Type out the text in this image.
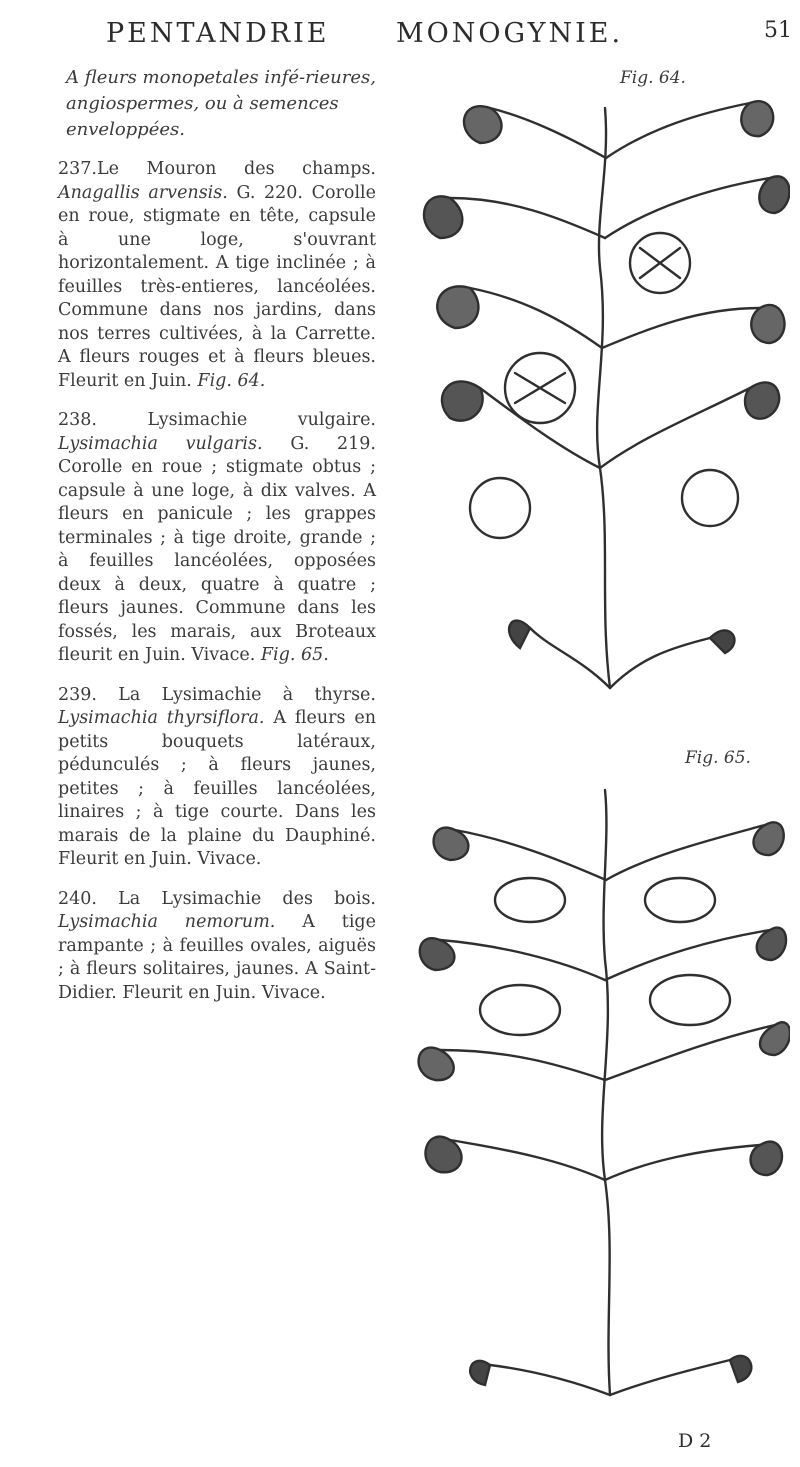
PENTANDRIE MONOGYNIE.	51

A fleurs monopetales infé-rieures, angiospermes, ou à semences enveloppées.

237.Le Mouron des champs. Anagallis arvensis. G. 220. Corolle en roue, stigmate en tête, capsule à une loge, s'ouvrant horizontalement. A tige inclinée ; à feuilles très-entieres, lancéolées. Commune dans nos jardins, dans nos terres cultivées, à la Carrette. A fleurs rouges et à fleurs bleues. Fleurit en Juin. Fig. 64.

238.	Lysimachie vulgaire. Lysimachia vulgaris. G. 219. Corolle en roue ; stigmate obtus ; capsule à une loge, à dix valves. A fleurs en panicule ; les grappes terminales ; à tige droite, grande ; à feuilles lancéolées, opposées deux à deux, quatre à quatre ; fleurs jaunes. Commune dans les fossés, les marais, aux Broteaux fleurit en Juin. Vivace. Fig. 65.

239. La Lysimachie à thyrse. Lysimachia thyrsiflora. A fleurs en petits bouquets latéraux, pédunculés ; à fleurs jaunes, petites ; à feuilles lancéolées, linaires ; à tige courte. Dans les marais de la plaine du Dauphiné. Fleurit en Juin. Vivace.

240. La Lysimachie des bois. Lysimachia nemorum. A tige rampante ; à feuilles ovales, aiguës ; à fleurs solitaires, jaunes. A Saint-Didier. Fleurit en Juin. Vivace.

Fig. 64.
Fig. 65.
D 2
